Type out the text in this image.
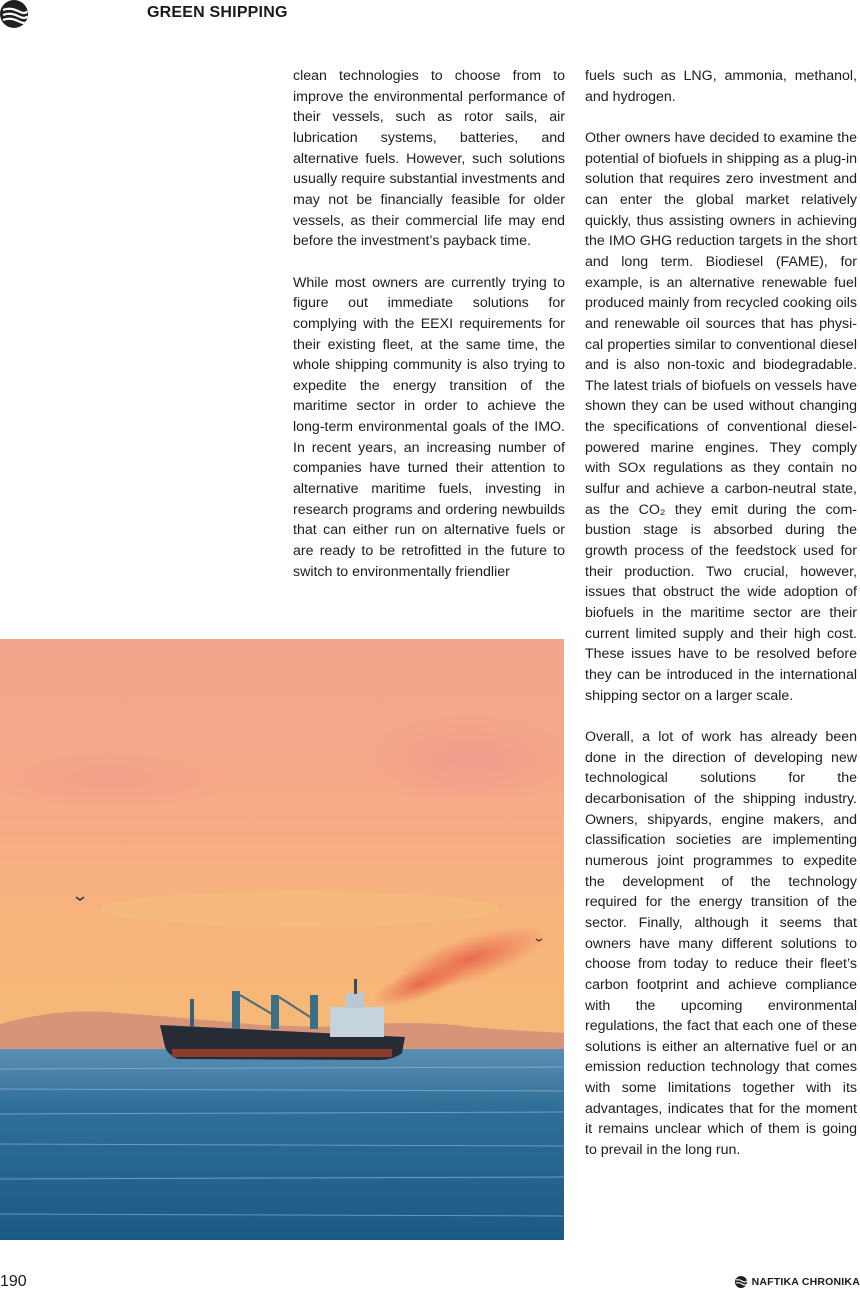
GREEN SHIPPING

clean technologies to choose from to improve the environmental performance of their vessels, such as rotor sails, air lubrication systems, batteries, and alternative fuels. However, such solutions usually require substantial investments and may not be financially feasible for older vessels, as their commercial life may end before the investment’s payback time.

While most owners are currently trying to figure out immediate solutions for complying with the EEXI requirements for their existing fleet, at the same time, the whole shipping community is also trying to expedite the energy transition of the maritime sector in order to achieve the long-term environmental goals of the IMO. In recent years, an increasing number of companies have turned their attention to alternative maritime fuels, investing in research programs and ordering newbuilds that can either run on alternative fuels or are ready to be retrofitted in the future to switch to environmentally friendlier

fuels such as LNG, ammonia, methanol, and hydrogen.

Other owners have decided to examine the potential of biofuels in shipping as a plug-in solution that requires zero investment and can enter the global market relatively quickly, thus assisting owners in achieving the IMO GHG reduction targets in the short and long term. Biodiesel (FAME), for example, is an alternative renewable fuel produced mainly from recycled cooking oils and renewable oil sources that has physical properties similar to conventional diesel and is also non-toxic and biodegradable. The latest trials of biofuels on vessels have shown they can be used without changing the specifications of conventional diesel-powered marine engines. They comply with SOx regulations as they contain no sulfur and achieve a carbon-neutral state, as the CO₂ they emit during the combustion stage is absorbed during the growth process of the feedstock used for their production. Two crucial, however, issues that obstruct the wide adoption of biofuels in the maritime sector are their current limited supply and their high cost. These issues have to be resolved before they can be introduced in the international shipping sector on a larger scale.

Overall, a lot of work has already been done in the direction of developing new technological solutions for the decarbonisation of the shipping industry. Owners, shipyards, engine makers, and classification societies are implementing numerous joint programmes to expedite the development of the technology required for the energy transition of the sector. Finally, although it seems that owners have many different solutions to choose from today to reduce their fleet’s carbon footprint and achieve compliance with the upcoming environmental regulations, the fact that each one of these solutions is either an alternative fuel or an emission reduction technology that comes with some limitations together with its advantages, indicates that for the moment it remains unclear which of them is going to prevail in the long run.

190	NAFTIKA CHRONIKA
